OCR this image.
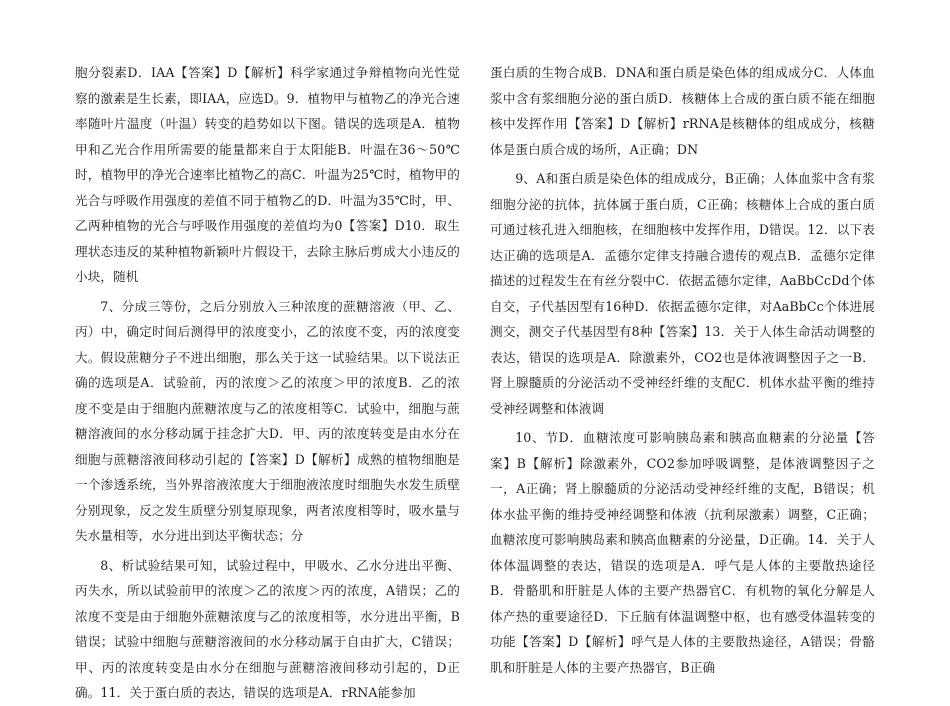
胞分裂素D．IAA【答案】D【解析】科学家通过争辩植物向光性觉察的激素是生长素，即IAA，应选D。9．植物甲与植物乙的净光合速率随叶片温度（叶温）转变的趋势如以下图。错误的选项是A．植物甲和乙光合作用所需要的能量都来自于太阳能B．叶温在36～50℃时，植物甲的净光合速率比植物乙的高C．叶温为25℃时，植物甲的光合与呼吸作用强度的差值不同于植物乙的D．叶温为35℃时，甲、乙两种植物的光合与呼吸作用强度的差值均为0【答案】D10．取生理状态违反的某种植物新颖叶片假设干，去除主脉后剪成大小违反的小块，随机

7、分成三等份，之后分别放入三种浓度的蔗糖溶液（甲、乙、丙）中，确定时间后测得甲的浓度变小，乙的浓度不变，丙的浓度变大。假设蔗糖分子不进出细胞，那么关于这一试验结果。以下说法正确的选项是A．试验前，丙的浓度＞乙的浓度＞甲的浓度B．乙的浓度不变是由于细胞内蔗糖浓度与乙的浓度相等C．试验中，细胞与蔗糖溶液间的水分移动属于挂念扩大D．甲、丙的浓度转变是由水分在细胞与蔗糖溶液间移动引起的【答案】D【解析】成熟的植物细胞是一个渗透系统，当外界溶液浓度大于细胞液浓度时细胞失水发生质壁分别现象，反之发生质壁分别复原现象，两者浓度相等时，吸水量与失水量相等，水分进出到达平衡状态；分

8、析试验结果可知，试验过程中，甲吸水、乙水分进出平衡、丙失水，所以试验前甲的浓度＞乙的浓度＞丙的浓度，A错误；乙的浓度不变是由于细胞外蔗糖浓度与乙的浓度相等，水分进出平衡，B错误；试验中细胞与蔗糖溶液间的水分移动属于自由扩大，C错误；甲、丙的浓度转变是由水分在细胞与蔗糖溶液间移动引起的，D正确。11．关于蛋白质的表达，错误的选项是A．rRNA能参加

蛋白质的生物合成B．DNA和蛋白质是染色体的组成成分C．人体血浆中含有浆细胞分泌的蛋白质D．核糖体上合成的蛋白质不能在细胞核中发挥作用【答案】D【解析】rRNA是核糖体的组成成分，核糖体是蛋白质合成的场所，A正确；DN

9、A和蛋白质是染色体的组成成分，B正确；人体血浆中含有浆细胞分泌的抗体，抗体属于蛋白质，C正确；核糖体上合成的蛋白质可通过核孔进入细胞核，在细胞核中发挥作用，D错误。12．以下表达正确的选项是A．孟德尔定律支持融合遗传的观点B．孟德尔定律描述的过程发生在有丝分裂中C．依据孟德尔定律，AaBbCcDd个体自交，子代基因型有16种D．依据孟德尔定律，对AaBbCc个体进展测交，测交子代基因型有8种【答案】13．关于人体生命活动调整的表达，错误的选项是A．除激素外，CO2也是体液调整因子之一B．肾上腺髓质的分泌活动不受神经纤维的支配C．机体水盐平衡的维持受神经调整和体液调

10、节D．血糖浓度可影响胰岛素和胰高血糖素的分泌量【答案】B【解析】除激素外，CO2参加呼吸调整，是体液调整因子之一，A正确；肾上腺髓质的分泌活动受神经纤维的支配，B错误；机体水盐平衡的维持受神经调整和体液（抗利尿激素）调整，C正确；血糖浓度可影响胰岛素和胰高血糖素的分泌量，D正确。14．关于人体体温调整的表达，错误的选项是A．呼气是人体的主要散热途径B．骨骼肌和肝脏是人体的主要产热器官C．有机物的氧化分解是人体产热的重要途径D．下丘脑有体温调整中枢，也有感受体温转变的功能【答案】D【解析】呼气是人体的主要散热途径，A错误；骨骼肌和肝脏是人体的主要产热器官，B正确
